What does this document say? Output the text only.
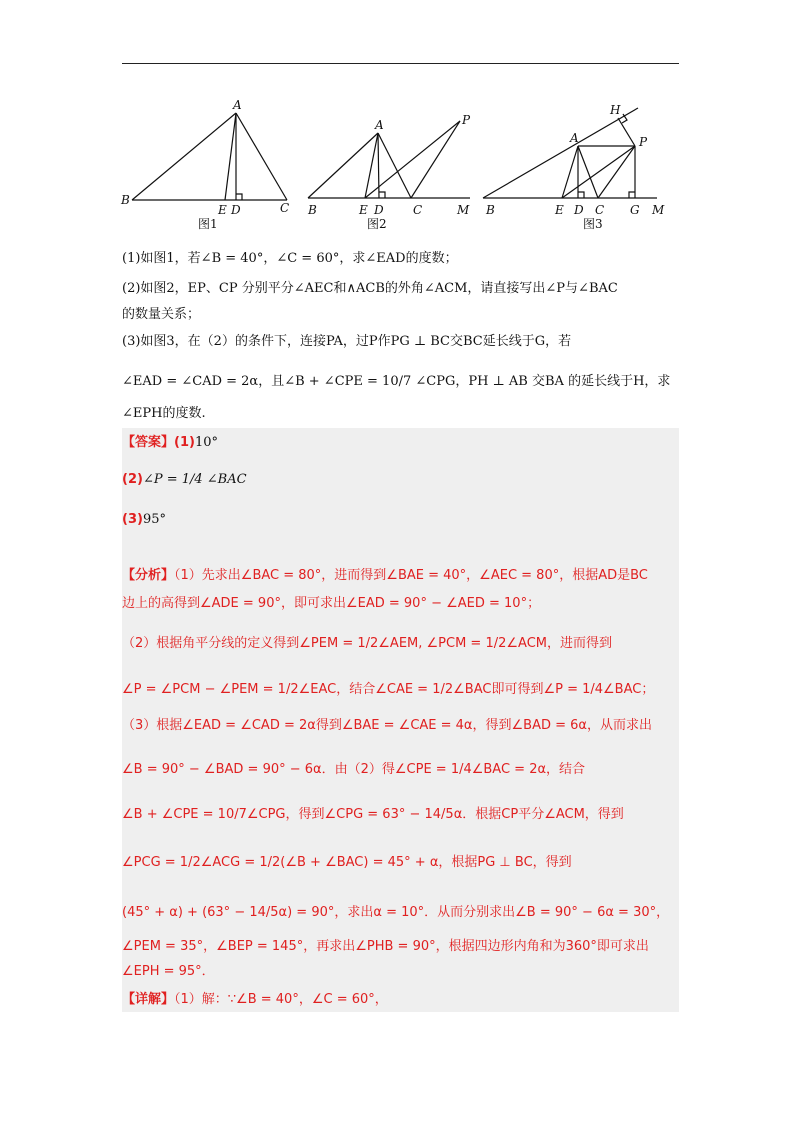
A
B
E D	C
图1
A	P
B	E D C	M
图2
H
A	P
B	E D C G M
图3
(1)如图1，若∠B = 40°，∠C = 60°，求∠EAD的度数；
(2)如图2，EP、CP 分别平分∠AEC和∧ACB的外角∠ACM，请直接写出∠P与∠BAC
的数量关系；
(3)如图3，在（2）的条件下，连接PA，过P作PG ⊥ BC交BC延长线于G，若
∠EAD = ∠CAD = 2α，且∠B + ∠CPE = 10/7 ∠CPG，PH ⊥ AB 交BA 的延长线于H，求
∠EPH的度数.
【答案】(1)10°
(2)∠P = 1/4 ∠BAC
(3)95°
【分析】（1）先求出∠BAC = 80°，进而得到∠BAE = 40°，∠AEC = 80°，根据AD是BC
边上的高得到∠ADE = 90°，即可求出∠EAD = 90° − ∠AED = 10°；
（2）根据角平分线的定义得到∠PEM = 1/2∠AEM, ∠PCM = 1/2∠ACM，进而得到
∠P = ∠PCM − ∠PEM = 1/2∠EAC，结合∠CAE = 1/2∠BAC即可得到∠P = 1/4∠BAC；
（3）根据∠EAD = ∠CAD = 2α得到∠BAE = ∠CAE = 4α，得到∠BAD = 6α，从而求出
∠B = 90° − ∠BAD = 90° − 6α．由（2）得∠CPE = 1/4∠BAC = 2α，结合
∠B + ∠CPE = 10/7∠CPG，得到∠CPG = 63° − 14/5α．根据CP平分∠ACM，得到
∠PCG = 1/2∠ACG = 1/2(∠B + ∠BAC) = 45° + α，根据PG ⊥ BC，得到
(45° + α) + (63° − 14/5α) = 90°，求出α = 10°．从而分别求出∠B = 90° − 6α = 30°，
∠PEM = 35°，∠BEP = 145°，再求出∠PHB = 90°，根据四边形内角和为360°即可求出
∠EPH = 95°．
【详解】（1）解：∵∠B = 40°，∠C = 60°，
